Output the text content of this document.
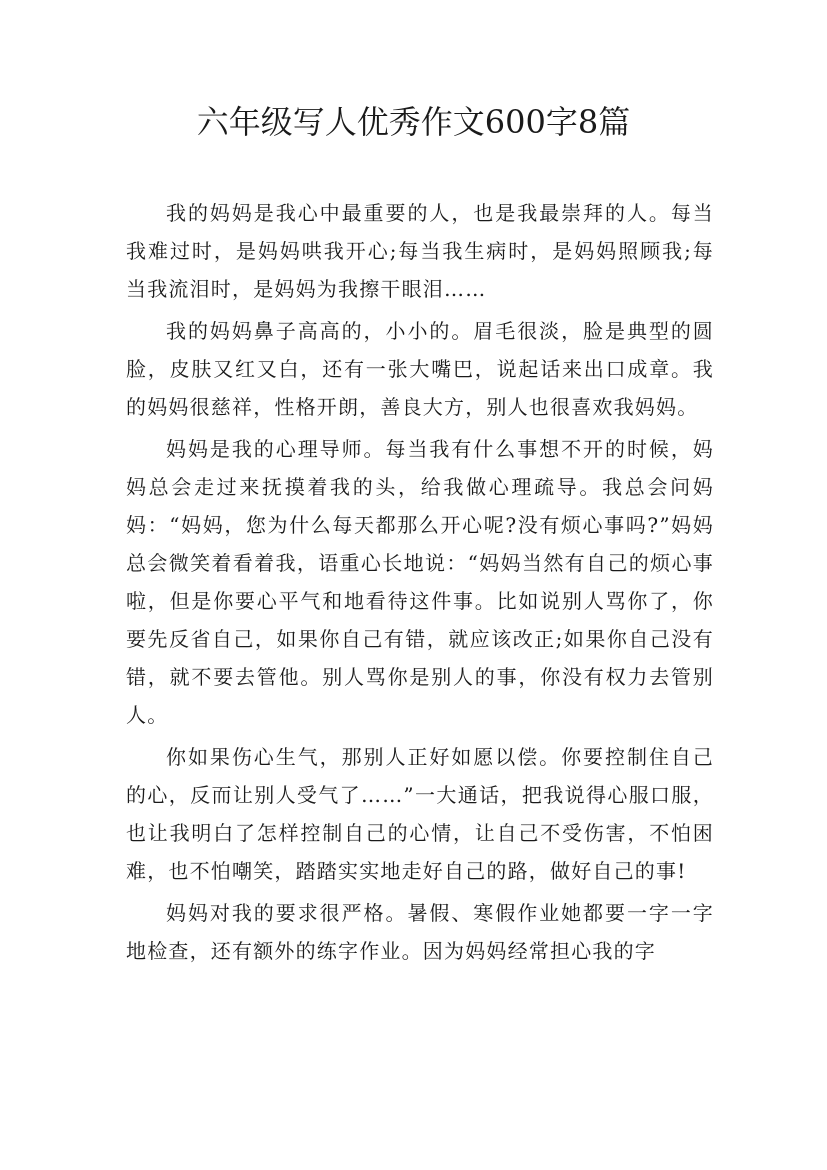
六年级写人优秀作文600字8篇

我的妈妈是我心中最重要的人，也是我最崇拜的人。每当我难过时，是妈妈哄我开心;每当我生病时，是妈妈照顾我;每当我流泪时，是妈妈为我擦干眼泪……

我的妈妈鼻子高高的，小小的。眉毛很淡，脸是典型的圆脸，皮肤又红又白，还有一张大嘴巴，说起话来出口成章。我的妈妈很慈祥，性格开朗，善良大方，别人也很喜欢我妈妈。

妈妈是我的心理导师。每当我有什么事想不开的时候，妈妈总会走过来抚摸着我的头，给我做心理疏导。我总会问妈妈：“妈妈，您为什么每天都那么开心呢?没有烦心事吗?”妈妈总会微笑着看着我，语重心长地说：“妈妈当然有自己的烦心事啦，但是你要心平气和地看待这件事。比如说别人骂你了，你要先反省自己，如果你自己有错，就应该改正;如果你自己没有错，就不要去管他。别人骂你是别人的事，你没有权力去管别人。

你如果伤心生气，那别人正好如愿以偿。你要控制住自己的心，反而让别人受气了……”一大通话，把我说得心服口服，也让我明白了怎样控制自己的心情，让自己不受伤害，不怕困难，也不怕嘲笑，踏踏实实地走好自己的路，做好自己的事!

妈妈对我的要求很严格。暑假、寒假作业她都要一字一字地检查，还有额外的练字作业。因为妈妈经常担心我的字
